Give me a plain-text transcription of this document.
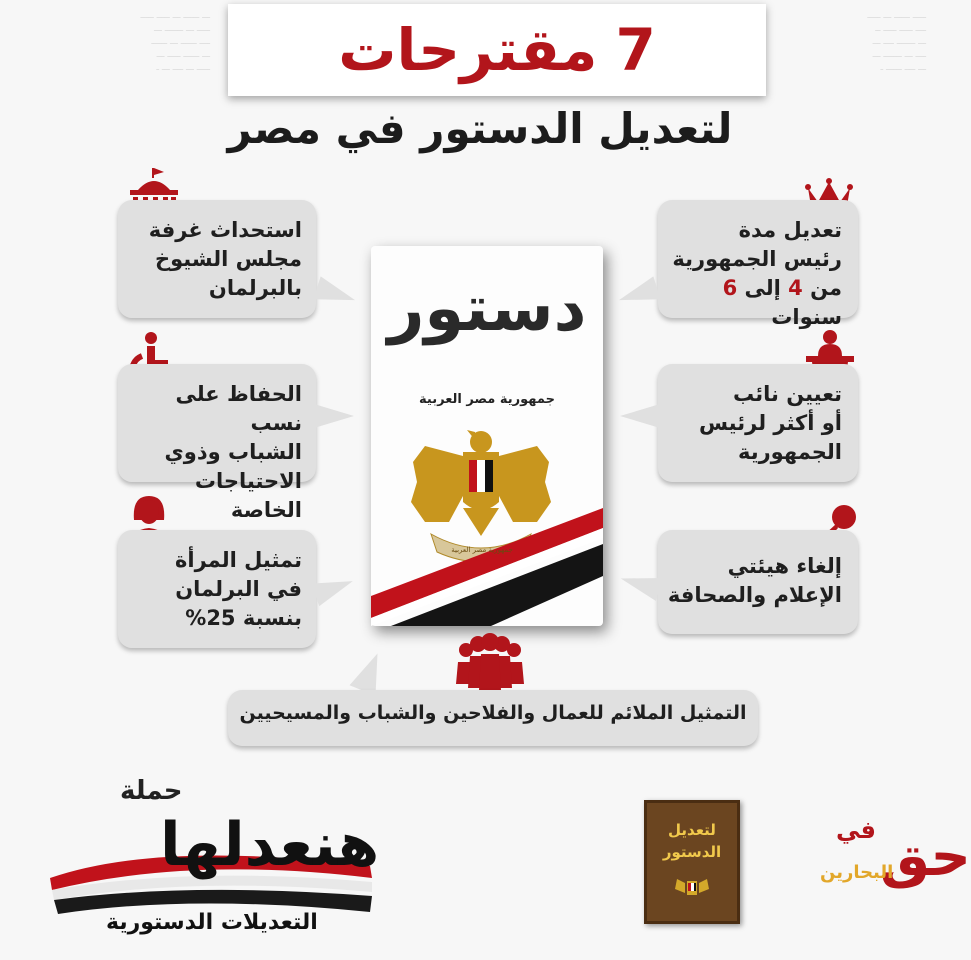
ـــ ــــــ ـــ ـــــ ـــــ
ـــــ ـــ ـــــــ ـــ
ــــ ــــــ ـــ ــــــ
ـــ ــــــ ـــــ ـــ
ـــــ ـــ ــــ ـــ ـ
ـــــ ــــــ ـــ ـــــ
ــــ ـــــ ـــــ ــ
ـــ ـــــــ ــــ ـــ
ــــ ـــ ـــــــ ـــ
ـــ ــــ ــــــ ـ
7
مقترحات
لتعديل الدستور في مصر
استحداث غرفة
مجلس الشيوخ
بالبرلمان
الحفاظ على نسب
الشباب وذوي
الاحتياجات الخاصة
تمثيل المرأة
في البرلمان
بنسبة 25%
تعديل مدة
رئيس الجمهورية
من 4 إلى 6 سنوات
تعيين نائب
أو أكثر لرئيس
الجمهورية
إلغاء هيئتي
الإعلام والصحافة
دستور
جمهورية مصر العربية
جمهورية مصر العربية
التمثيل الملائم للعمال والفلاحين والشباب والمسيحيين
حملة
هنعدلها
التعديلات الدستورية
لتعديل الدستور	حق
في
البحارين
